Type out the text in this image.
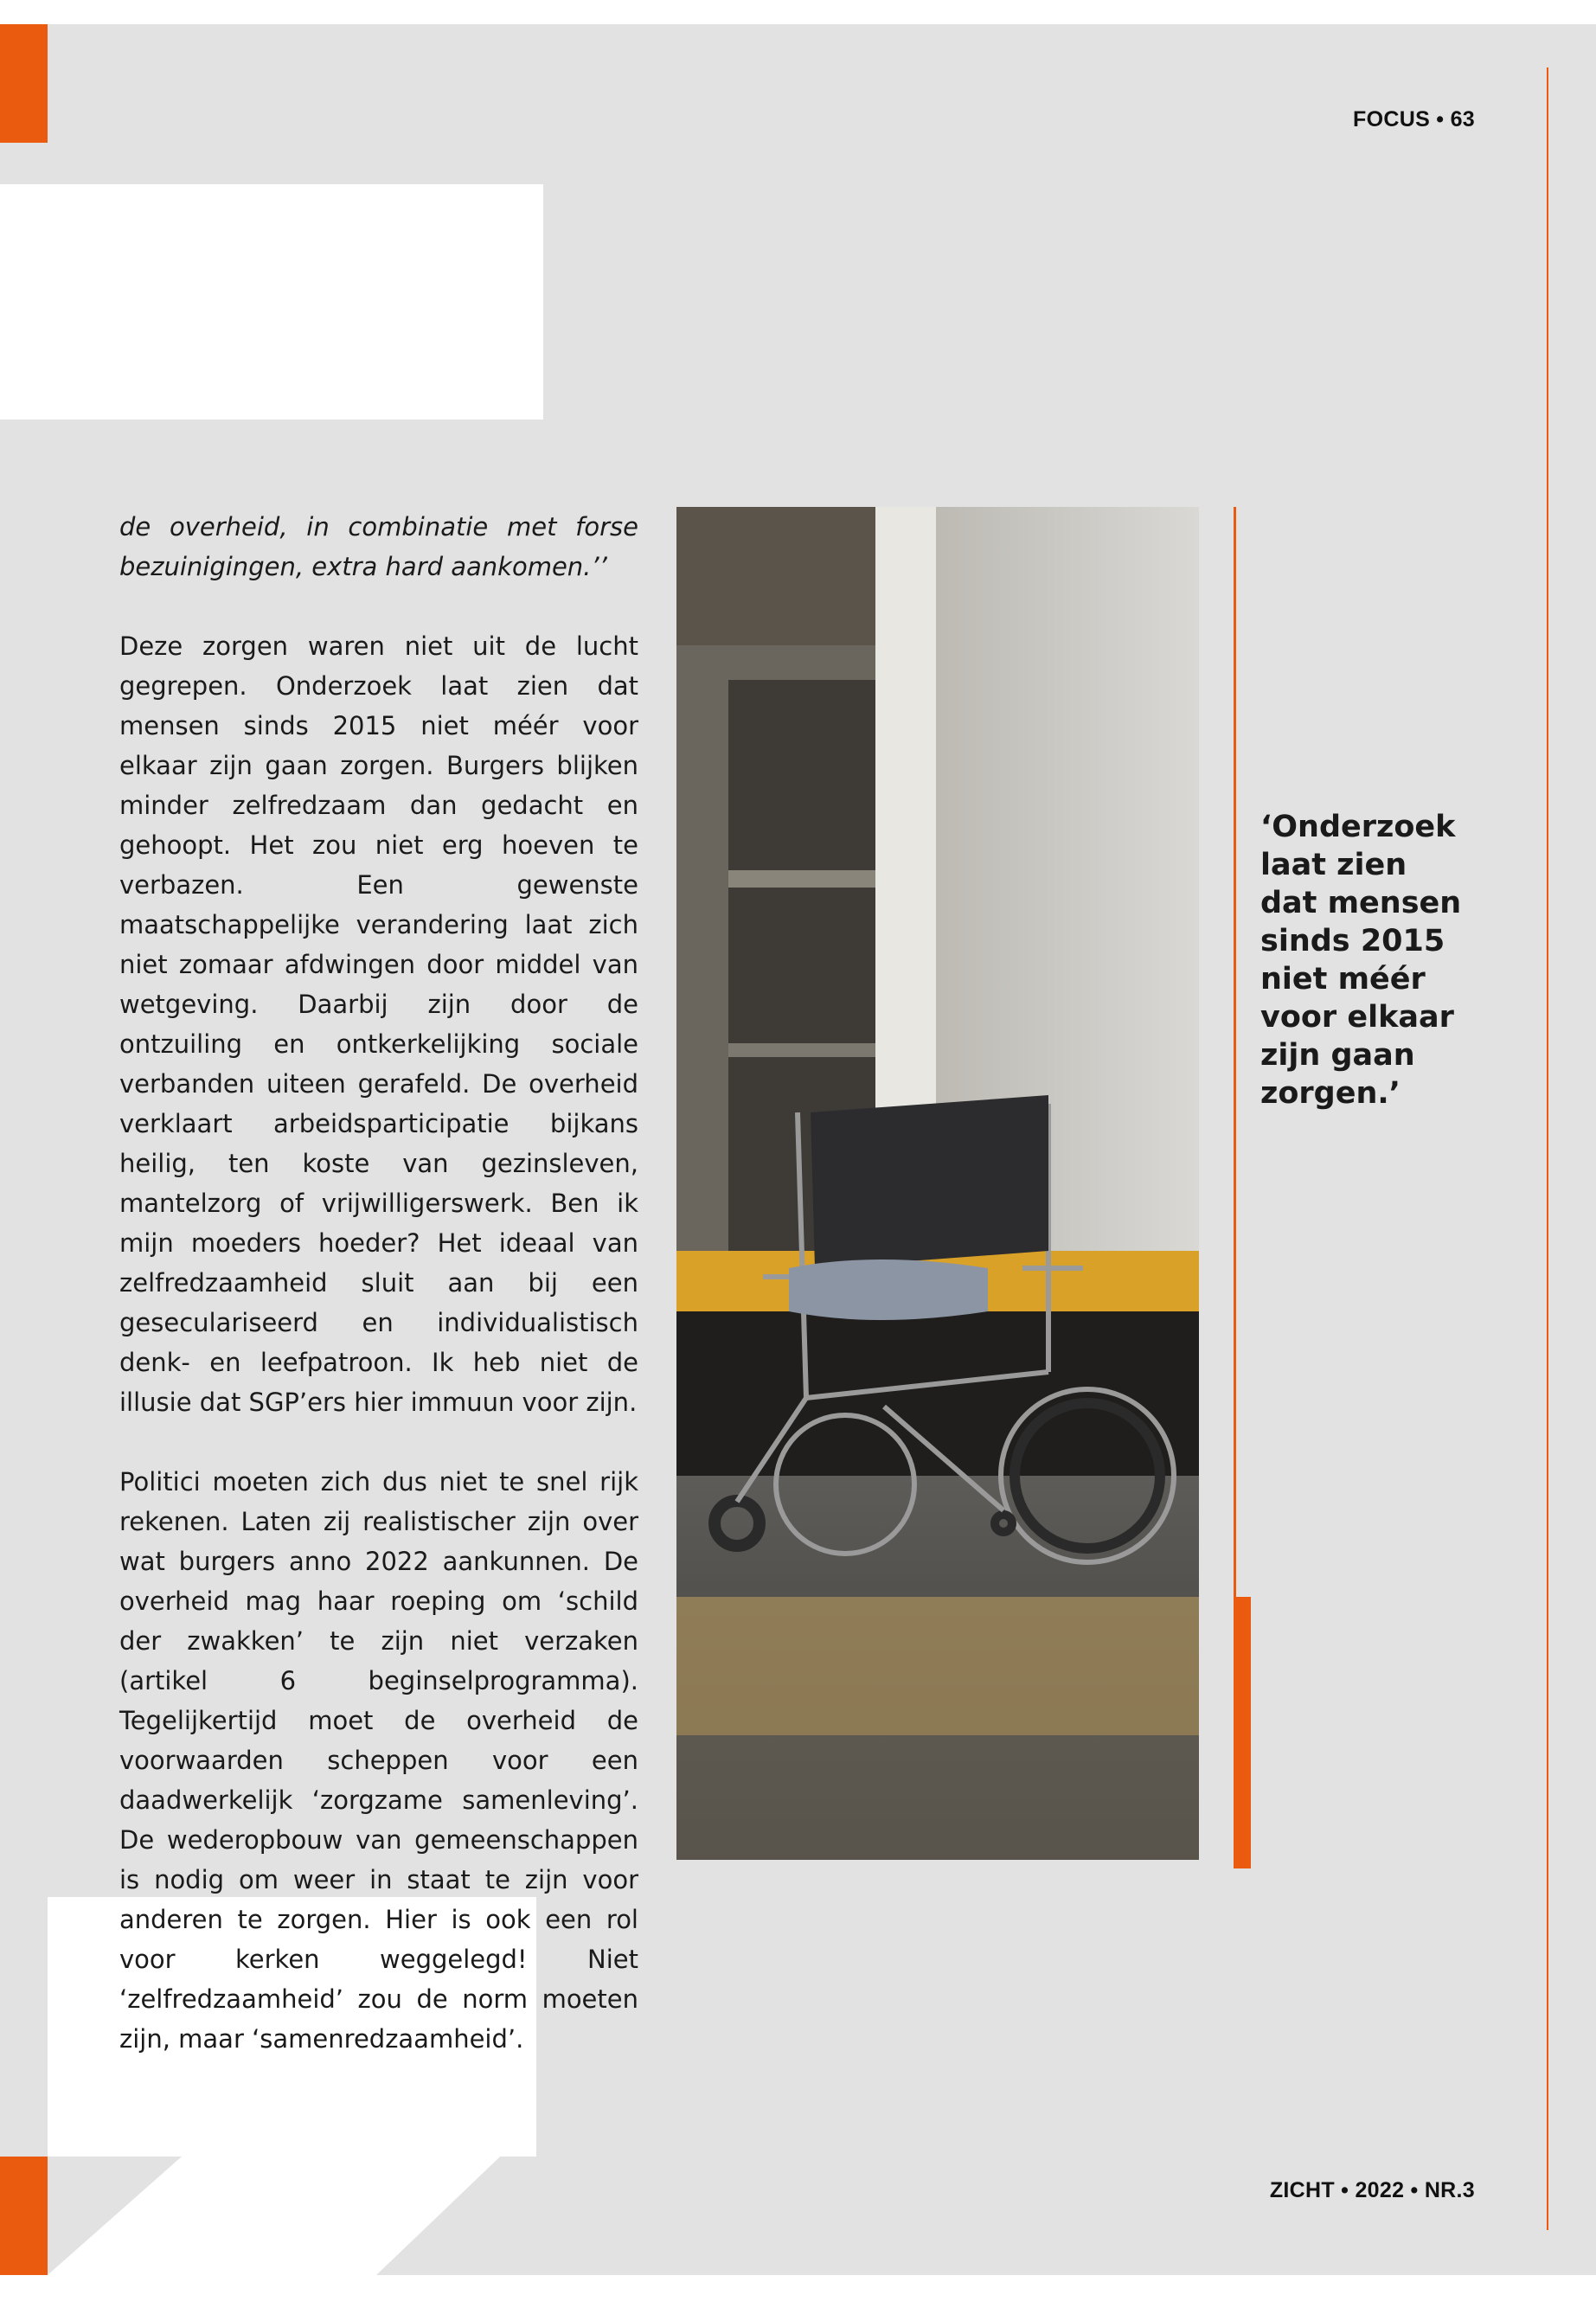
FOCUS • 63

de overheid, in combinatie met forse bezuinigingen, extra hard aankomen.’’

Deze zorgen waren niet uit de lucht gegrepen. Onderzoek laat zien dat mensen sinds 2015 niet méér voor elkaar zijn gaan zorgen. Burgers blijken minder zelfredzaam dan gedacht en gehoopt. Het zou niet erg hoeven te verbazen. Een gewenste maatschappelijke verandering laat zich niet zomaar afdwingen door middel van wetgeving. Daarbij zijn door de ontzuiling en ontkerkelijking sociale verbanden uiteen gerafeld. De overheid verklaart arbeidsparticipatie bijkans heilig, ten koste van gezinsleven, mantelzorg of vrijwilligerswerk. Ben ik mijn moeders hoeder? Het ideaal van zelfredzaamheid sluit aan bij een geseculariseerd en individualistisch denk- en leefpatroon. Ik heb niet de illusie dat SGP’ers hier immuun voor zijn.

Politici moeten zich dus niet te snel rijk rekenen. Laten zij realistischer zijn over wat burgers anno 2022 aankunnen. De overheid mag haar roeping om ‘schild der zwakken’ te zijn niet verzaken (artikel 6 beginselprogramma). Tegelijkertijd moet de overheid de voorwaarden scheppen voor een daadwerkelijk ‘zorgzame samenleving’. De wederopbouw van gemeenschappen is nodig om weer in staat te zijn voor anderen te zorgen. Hier is ook een rol voor kerken weggelegd! Niet ‘zelfredzaamheid’ zou de norm moeten zijn, maar ‘samenredzaamheid’.

‘Onderzoek
laat zien
dat mensen
sinds 2015
niet méér
voor elkaar
zijn gaan
zorgen.’
ZICHT • 2022 • NR.3
